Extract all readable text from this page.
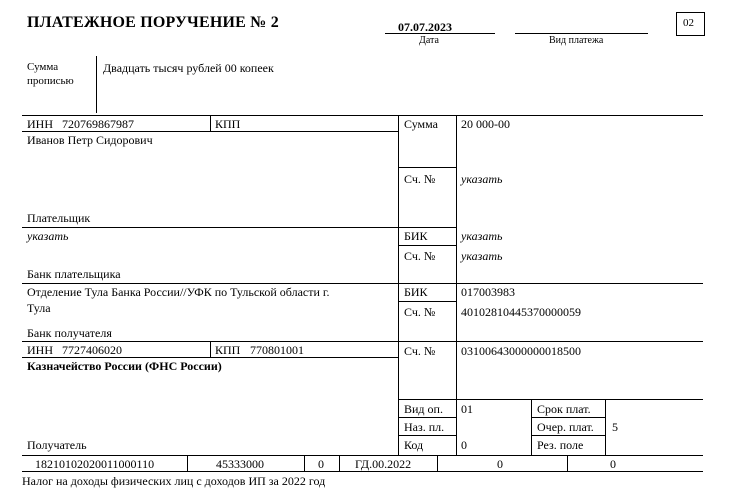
ПЛАТЕЖНОЕ ПОРУЧЕНИЕ № 2	07.07.2023
Дата	Вид платежа
02
Сумма
прописью
Двадцать тысяч рублей 00 копеек
ИНН 720769867987	КПП
Иванов Петр Сидорович
Плательщик
указать
Банк плательщика
Отделение Тула Банка России//УФК по Тульской области г.
Тула
Банк получателя
ИНН 7727406020	КПП 770801001
Казначейство России (ФНС России)
Получатель
Сумма 20 000-00
Сч. № указать
БИК	указать
Сч. № указать
БИК	017003983
Сч. № 40102810445370000059
Сч. № 03100643000000018500
Вид оп. 01
Наз. пл.
Код	0
Срок плат.
Очер. плат. 5
Рез. поле
18210102020011000110	45333000	0	ГД.00.2022	0	0
Налог на доходы физических лиц с доходов ИП за 2022 год
